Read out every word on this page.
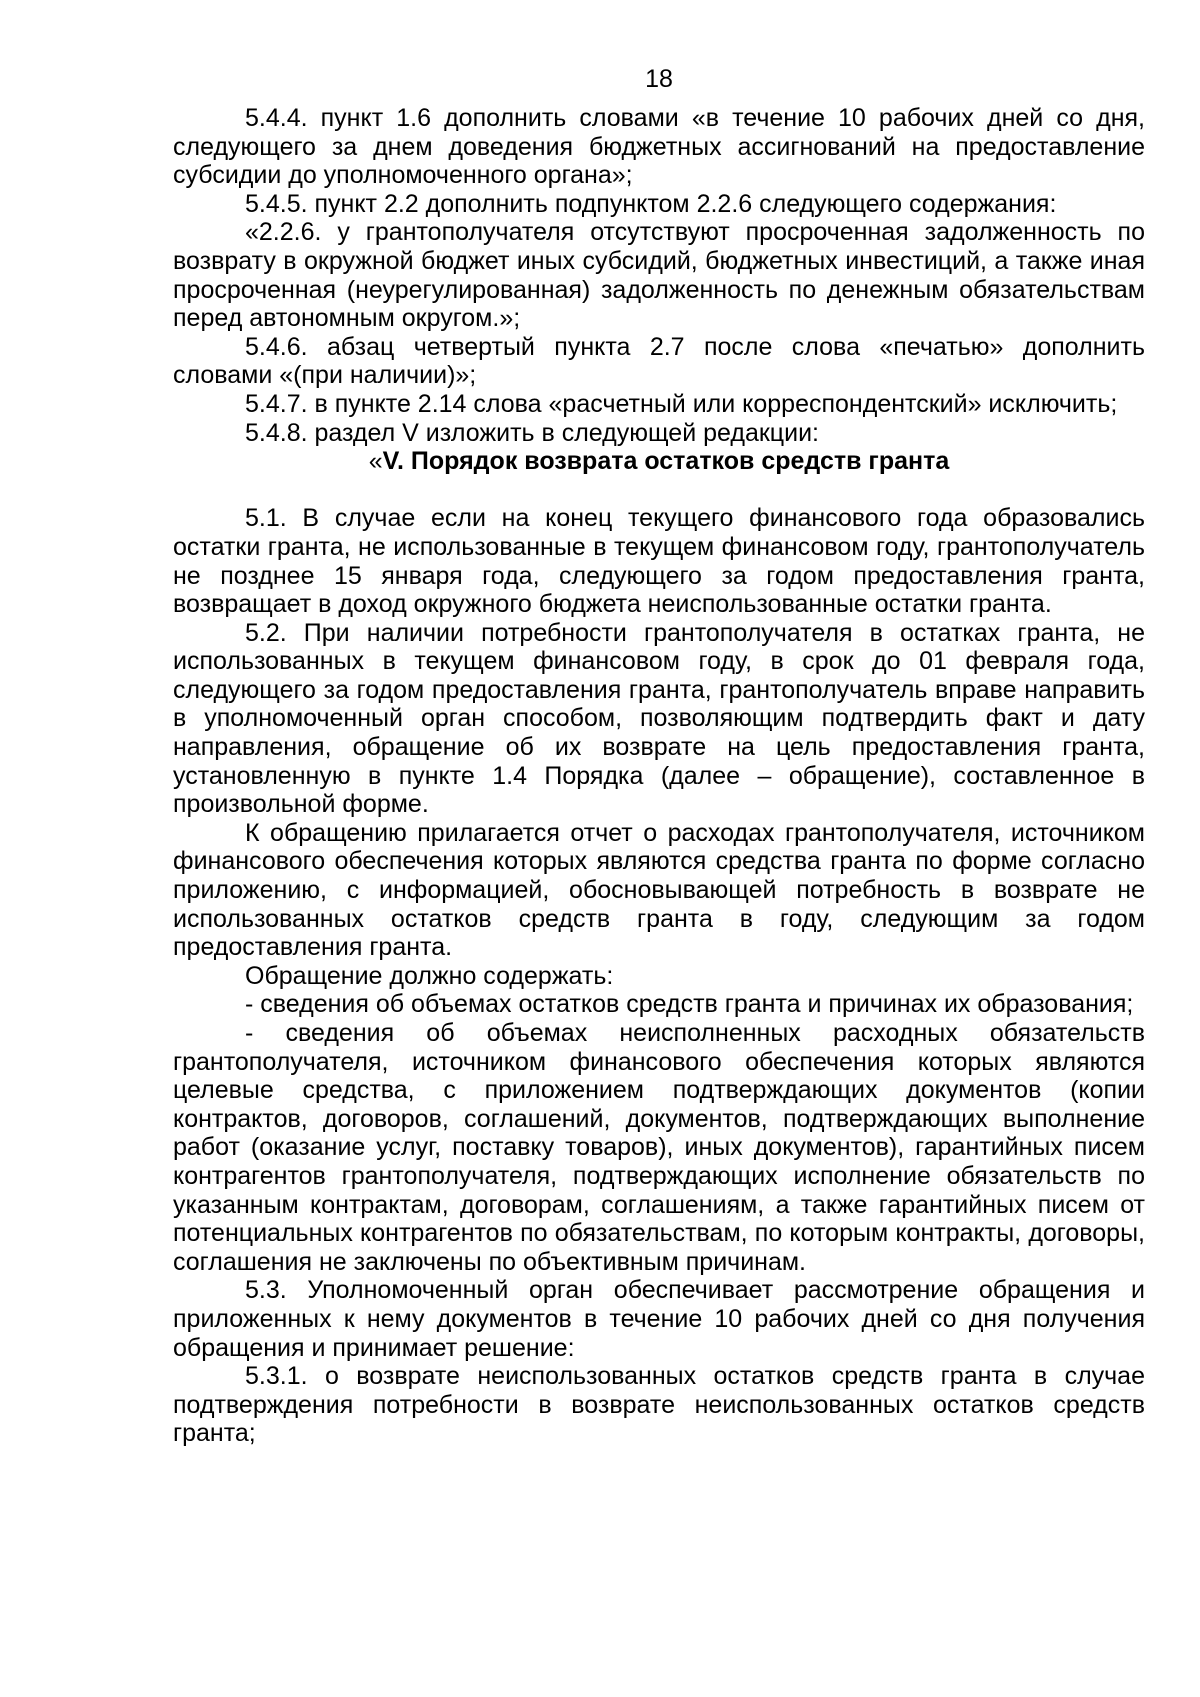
18

5.4.4. пункт 1.6 дополнить словами «в течение 10 рабочих дней со дня, следующего за днем доведения бюджетных ассигнований на предоставление субсидии до уполномоченного органа»;

5.4.5. пункт 2.2 дополнить подпунктом 2.2.6 следующего содержания:

«2.2.6. у грантополучателя отсутствуют просроченная задолженность по возврату в окружной бюджет иных субсидий, бюджетных инвестиций, а также иная просроченная (неурегулированная) задолженность по денежным обязательствам перед автономным округом.»;

5.4.6. абзац четвертый пункта 2.7 после слова «печатью» дополнить словами «(при наличии)»;

5.4.7. в пункте 2.14 слова «расчетный или корреспондентский» исключить;

5.4.8. раздел V изложить в следующей редакции:

«V. Порядок возврата остатков средств гранта

5.1. В случае если на конец текущего финансового года образовались остатки гранта, не использованные в текущем финансовом году, грантополучатель не позднее 15 января года, следующего за годом предоставления гранта, возвращает в доход окружного бюджета неиспользованные остатки гранта.

5.2. При наличии потребности грантополучателя в остатках гранта, не использованных в текущем финансовом году, в срок до 01 февраля года, следующего за годом предоставления гранта, грантополучатель вправе направить в уполномоченный орган способом, позволяющим подтвердить факт и дату направления, обращение об их возврате на цель предоставления гранта, установленную в пункте 1.4 Порядка (далее – обращение), составленное в произвольной форме.

К обращению прилагается отчет о расходах грантополучателя, источником финансового обеспечения которых являются средства гранта по форме согласно приложению, с информацией, обосновывающей потребность в возврате не использованных остатков средств гранта в году, следующим за годом предоставления гранта.

Обращение должно содержать:

- сведения об объемах остатков средств гранта и причинах их образования;

- сведения об объемах неисполненных расходных обязательств грантополучателя, источником финансового обеспечения которых являются целевые средства, с приложением подтверждающих документов (копии контрактов, договоров, соглашений, документов, подтверждающих выполнение работ (оказание услуг, поставку товаров), иных документов), гарантийных писем контрагентов грантополучателя, подтверждающих исполнение обязательств по указанным контрактам, договорам, соглашениям, а также гарантийных писем от потенциальных контрагентов по обязательствам, по которым контракты, договоры, соглашения не заключены по объективным причинам.

5.3. Уполномоченный орган обеспечивает рассмотрение обращения и приложенных к нему документов в течение 10 рабочих дней со дня получения обращения и принимает решение:

5.3.1. о возврате неиспользованных остатков средств гранта в случае подтверждения потребности в возврате неиспользованных остатков средств гранта;
